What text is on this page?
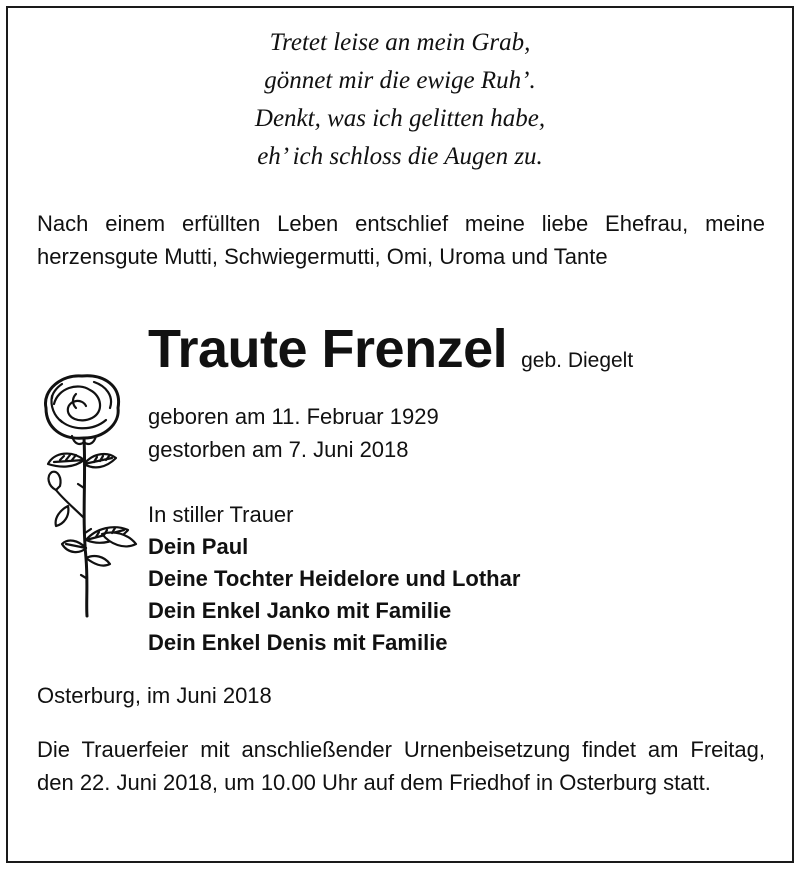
Tretet leise an mein Grab,
gönnet mir die ewige Ruh’.
Denkt, was ich gelitten habe,
eh’ ich schloss die Augen zu.
Nach einem erfüllten Leben entschlief meine liebe Ehefrau, meine herzensgute Mutti, Schwiegermutti, Omi, Uroma und Tante
Traute Frenzel geb. Diegelt
geboren am 11. Februar 1929
gestorben am 7. Juni 2018
In stiller Trauer
Dein Paul
Deine Tochter Heidelore und Lothar
Dein Enkel Janko mit Familie
Dein Enkel Denis mit Familie
Osterburg, im Juni 2018
Die Trauerfeier mit anschließender Urnenbeisetzung findet am Freitag, den 22. Juni 2018, um 10.00 Uhr auf dem Friedhof in Osterburg statt.
